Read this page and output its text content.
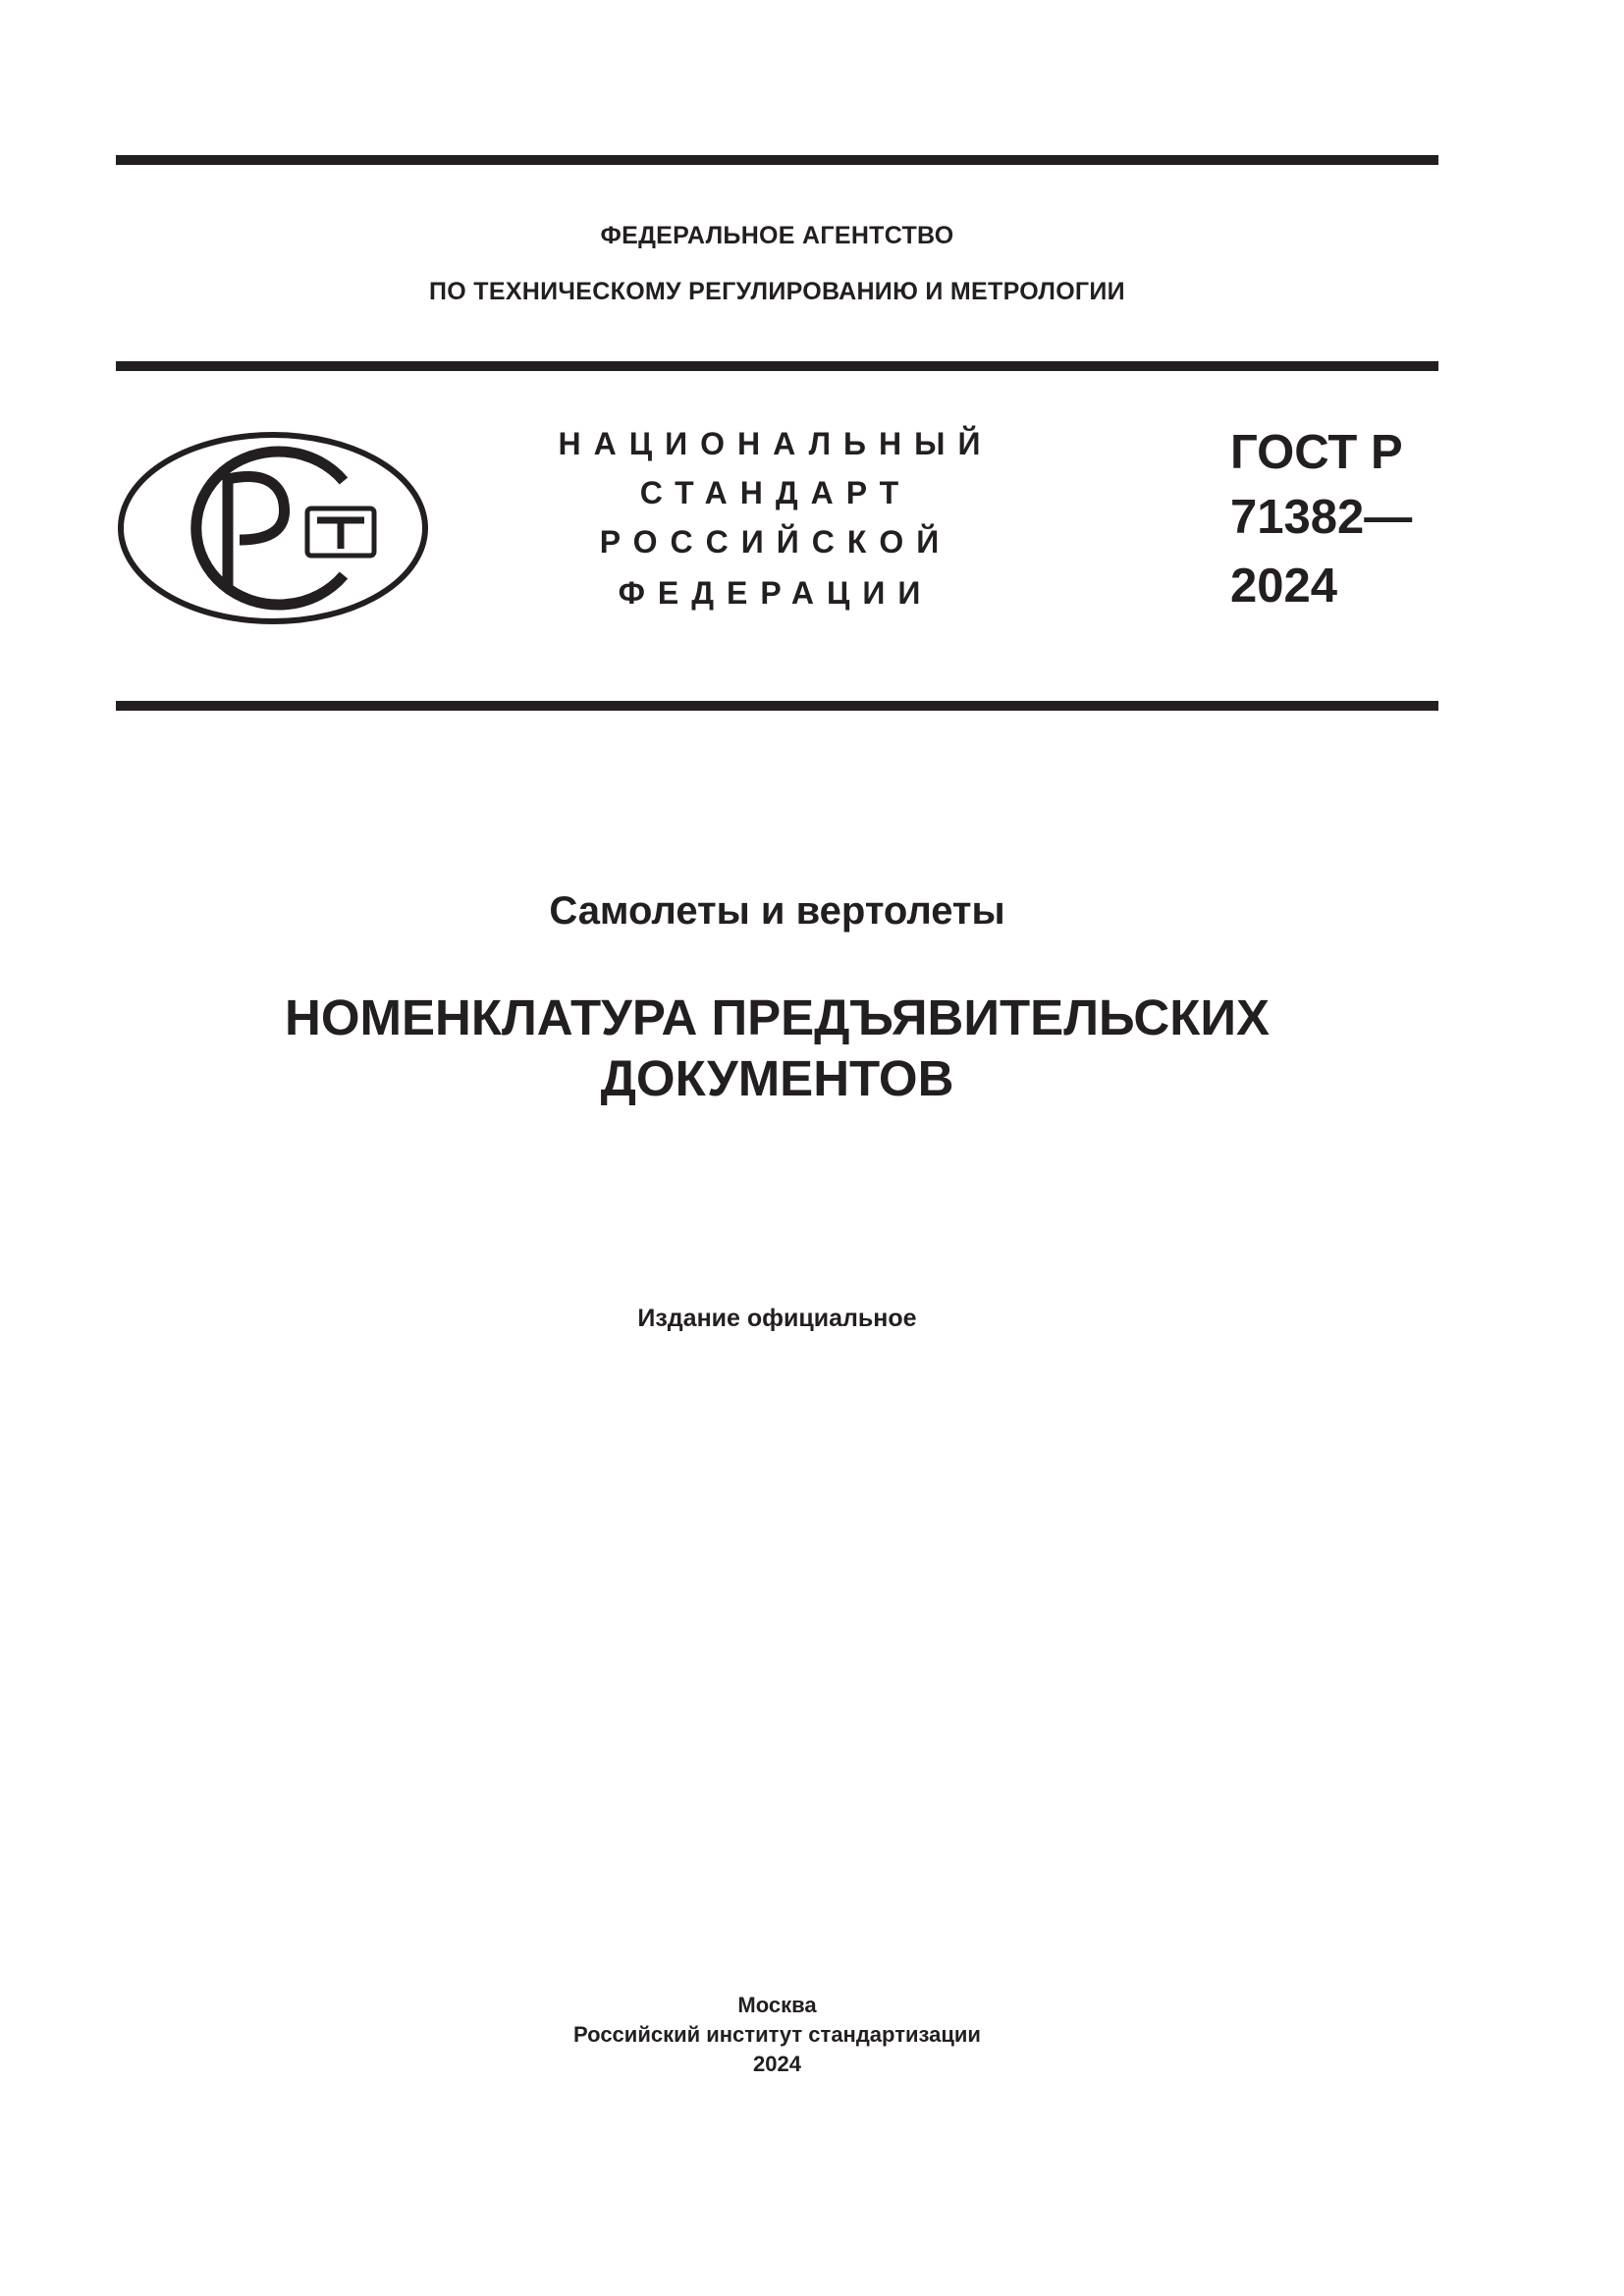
ФЕДЕРАЛЬНОЕ АГЕНТСТВО
ПО ТЕХНИЧЕСКОМУ РЕГУЛИРОВАНИЮ И МЕТРОЛОГИИ
НАЦИОНАЛЬНЫЙ
СТАНДАРТ
РОССИЙСКОЙ
ФЕДЕРАЦИИ
ГОСТ Р
71382—
2024
Самолеты и вертолеты
НОМЕНКЛАТУРА ПРЕДЪЯВИТЕЛЬСКИХ
ДОКУМЕНТОВ
Издание официальное
Москва
Российский институт стандартизации
2024
